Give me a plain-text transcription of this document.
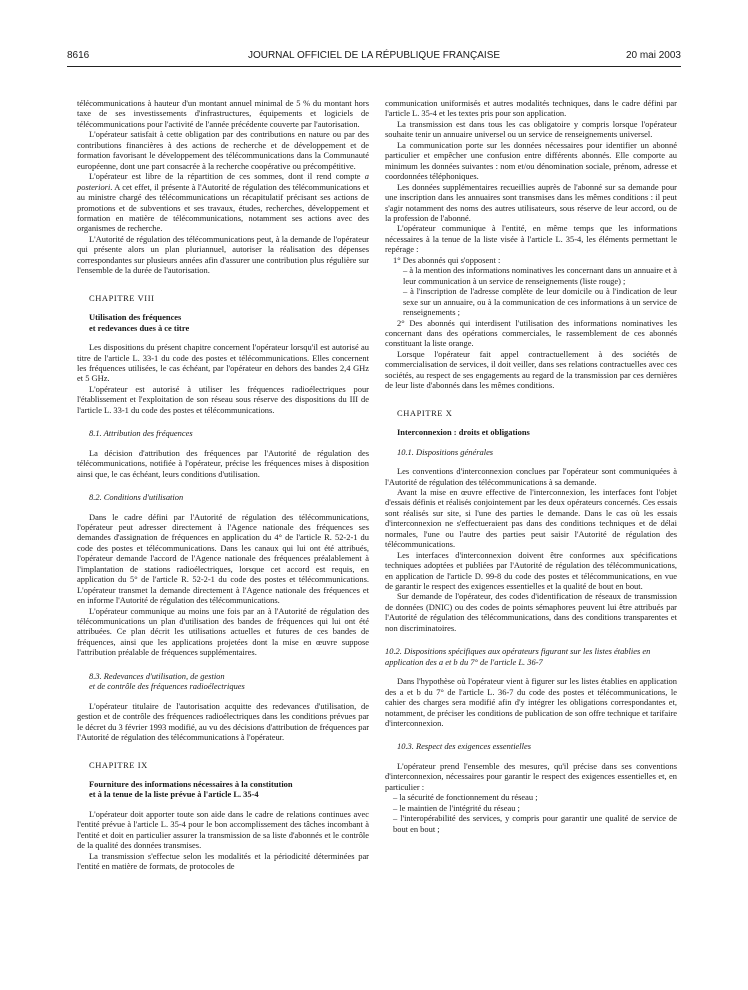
8616	JOURNAL OFFICIEL DE LA RÉPUBLIQUE FRANÇAISE	20 mai 2003

télécommunications à hauteur d'un montant annuel minimal de 5 % du montant hors taxe de ses investissements d'infrastructures, équipements et logiciels de télécommunications pour l'activité de l'année précédente couverte par l'autorisation.

L'opérateur satisfait à cette obligation par des contributions en nature ou par des contributions financières à des actions de recherche et de développement et de formation favorisant le développement des télécommunications dans la Communauté européenne, dont une part consacrée à la recherche coopérative ou précompétitive.

L'opérateur est libre de la répartition de ces sommes, dont il rend compte a posteriori. A cet effet, il présente à l'Autorité de régulation des télécommunications et au ministre chargé des télécommunications un récapitulatif précisant ses actions de promotions et de subventions et ses travaux, études, recherches, développement et formation en matière de télécommunications, notamment ses actions avec des organismes de recherche.

L'Autorité de régulation des télécommunications peut, à la demande de l'opérateur qui présente alors un plan pluriannuel, autoriser la réalisation des dépenses correspondantes sur plusieurs années afin d'assurer une contribution plus régulière sur l'ensemble de la durée de l'autorisation.

CHAPITRE VIII

Utilisation des fréquences

et redevances dues à ce titre

Les dispositions du présent chapitre concernent l'opérateur lorsqu'il est autorisé au titre de l'article L. 33-1 du code des postes et télécommunications. Elles concernent les fréquences utilisées, le cas échéant, par l'opérateur en dehors des bandes 2,4 GHz et 5 GHz.

L'opérateur est autorisé à utiliser les fréquences radioélectriques pour l'établissement et l'exploitation de son réseau sous réserve des dispositions du III de l'article L. 33-1 du code des postes et télécommunications.

8.1. Attribution des fréquences

La décision d'attribution des fréquences par l'Autorité de régulation des télécommunications, notifiée à l'opérateur, précise les fréquences mises à disposition ainsi que, le cas échéant, leurs conditions d'utilisation.

8.2. Conditions d'utilisation

Dans le cadre défini par l'Autorité de régulation des télécommunications, l'opérateur peut adresser directement à l'Agence nationale des fréquences ses demandes d'assignation de fréquences en application du 4° de l'article R. 52-2-1 du code des postes et télécommunications. Dans les canaux qui lui ont été attribués, l'opérateur demande l'accord de l'Agence nationale des fréquences préalablement à l'implantation de stations radioélectriques, lorsque cet accord est requis, en application du 5° de l'article R. 52-2-1 du code des postes et télécommunications. L'opérateur transmet la demande directement à l'Agence nationale des fréquences et en informe l'Autorité de régulation des télécommunications.

L'opérateur communique au moins une fois par an à l'Autorité de régulation des télécommunications un plan d'utilisation des bandes de fréquences qui lui ont été attribuées. Ce plan décrit les utilisations actuelles et futures de ces bandes de fréquences, ainsi que les applications projetées dont la mise en œuvre suppose l'attribution préalable de fréquences supplémentaires.

8.3. Redevances d'utilisation, de gestion

et de contrôle des fréquences radioélectriques

L'opérateur titulaire de l'autorisation acquitte des redevances d'utilisation, de gestion et de contrôle des fréquences radioélectriques dans les conditions prévues par le décret du 3 février 1993 modifié, au vu des décisions d'attribution de fréquences par l'Autorité de régulation des télécommunications à l'opérateur.

CHAPITRE IX

Fourniture des informations nécessaires à la constitution

et à la tenue de la liste prévue à l'article L. 35-4

L'opérateur doit apporter toute son aide dans le cadre de relations continues avec l'entité prévue à l'article L. 35-4 pour le bon accomplissement des tâches incombant à l'entité et doit en particulier assurer la transmission de sa liste d'abonnés et le contrôle de la qualité des données transmises.

La transmission s'effectue selon les modalités et la périodicité déterminées par l'entité en matière de formats, de protocoles de

communication uniformisés et autres modalités techniques, dans le cadre défini par l'article L. 35-4 et les textes pris pour son application.

La transmission est dans tous les cas obligatoire y compris lorsque l'opérateur souhaite tenir un annuaire universel ou un service de renseignements universel.

La communication porte sur les données nécessaires pour identifier un abonné particulier et empêcher une confusion entre différents abonnés. Elle comporte au minimum les données suivantes : nom et/ou dénomination sociale, prénom, adresse et coordonnées téléphoniques.

Les données supplémentaires recueillies auprès de l'abonné sur sa demande pour une inscription dans les annuaires sont transmises dans les mêmes conditions : il peut s'agir notamment des noms des autres utilisateurs, sous réserve de leur accord, ou de la profession de l'abonné.

L'opérateur communique à l'entité, en même temps que les informations nécessaires à la tenue de la liste visée à l'article L. 35-4, les éléments permettant le repérage :

1° Des abonnés qui s'opposent :

– à la mention des informations nominatives les concernant dans un annuaire et à leur communication à un service de renseignements (liste rouge) ;

– à l'inscription de l'adresse complète de leur domicile ou à l'indication de leur sexe sur un annuaire, ou à la communication de ces informations à un service de renseignements ;

2° Des abonnés qui interdisent l'utilisation des informations nominatives les concernant dans des opérations commerciales, le rassemblement de ces abonnés constituant la liste orange.

Lorsque l'opérateur fait appel contractuellement à des sociétés de commercialisation de services, il doit veiller, dans ses relations contractuelles avec ces sociétés, au respect de ses engagements au regard de la transmission par ces dernières de leur liste d'abonnés dans les mêmes conditions.

CHAPITRE X

Interconnexion : droits et obligations

10.1. Dispositions générales

Les conventions d'interconnexion conclues par l'opérateur sont communiquées à l'Autorité de régulation des télécommunications à sa demande.

Avant la mise en œuvre effective de l'interconnexion, les interfaces font l'objet d'essais définis et réalisés conjointement par les deux opérateurs concernés. Ces essais sont réalisés sur site, si l'une des parties le demande. Dans le cas où les essais d'interconnexion ne s'effectueraient pas dans des conditions techniques et de délai normales, l'une ou l'autre des parties peut saisir l'Autorité de régulation des télécommunications.

Les interfaces d'interconnexion doivent être conformes aux spécifications techniques adoptées et publiées par l'Autorité de régulation des télécommunications, en application de l'article D. 99-8 du code des postes et télécommunications, en vue de garantir le respect des exigences essentielles et la qualité de bout en bout.

Sur demande de l'opérateur, des codes d'identification de réseaux de transmission de données (DNIC) ou des codes de points sémaphores peuvent lui être attribués par l'Autorité de régulation des télécommunications, dans des conditions transparentes et non discriminatoires.

10.2. Dispositions spécifiques aux opérateurs figurant sur les listes établies en application des a et b du 7° de l'article L. 36-7

Dans l'hypothèse où l'opérateur vient à figurer sur les listes établies en application des a et b du 7° de l'article L. 36-7 du code des postes et télécommunications, le cahier des charges sera modifié afin d'y intégrer les obligations correspondantes et, notamment, de préciser les conditions de publication de son offre technique et tarifaire d'interconnexion.

10.3. Respect des exigences essentielles

L'opérateur prend l'ensemble des mesures, qu'il précise dans ses conventions d'interconnexion, nécessaires pour garantir le respect des exigences essentielles et, en particulier :

– la sécurité de fonctionnement du réseau ;

– le maintien de l'intégrité du réseau ;

– l'interopérabilité des services, y compris pour garantir une qualité de service de bout en bout ;
